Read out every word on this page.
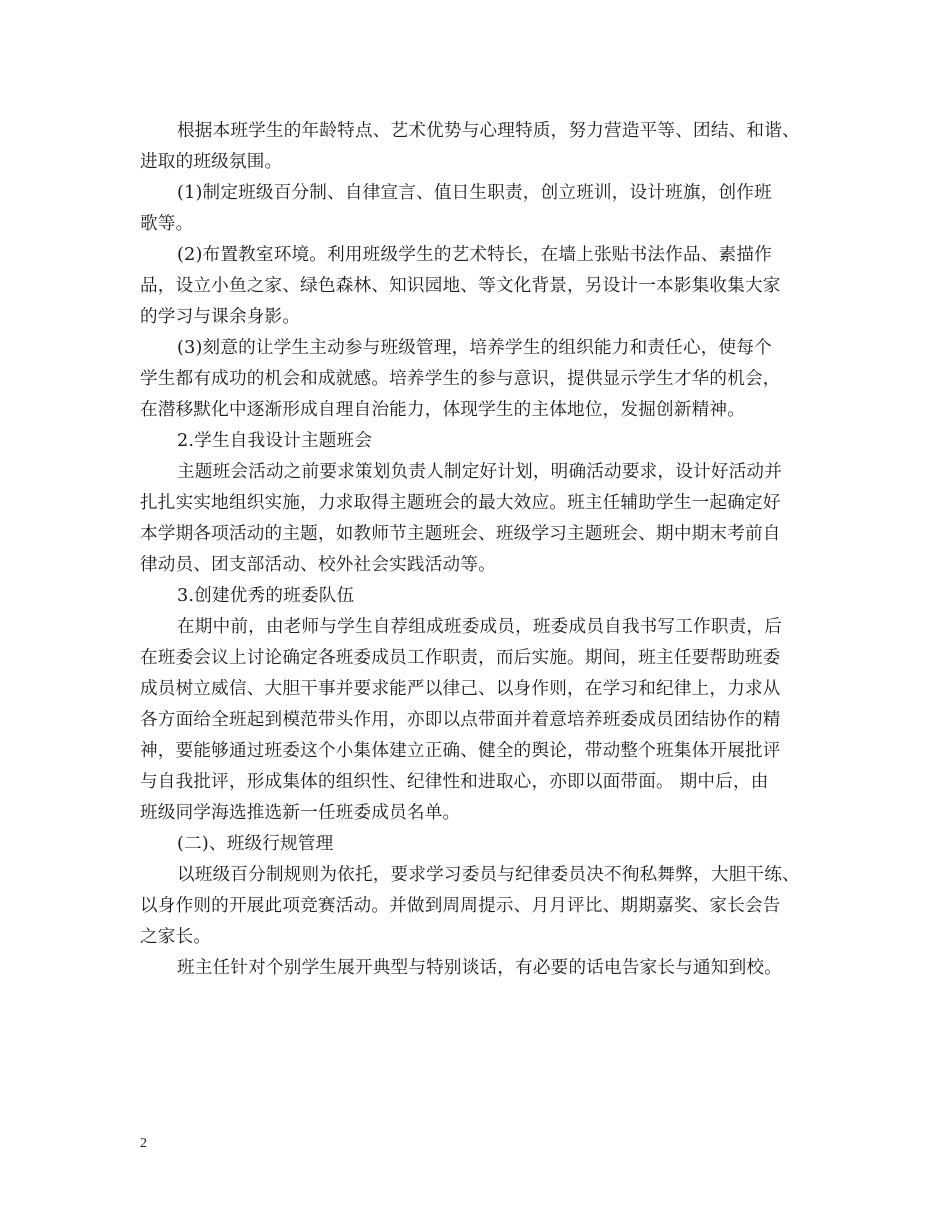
根据本班学生的年龄特点、艺术优势与心理特质，努力营造平等、团结、和谐、
进取的班级氛围。

(1)制定班级百分制、自律宣言、值日生职责，创立班训，设计班旗，创作班
歌等。

(2)布置教室环境。利用班级学生的艺术特长，在墙上张贴书法作品、素描作
品，设立小鱼之家、绿色森林、知识园地、等文化背景，另设计一本影集收集大家
的学习与课余身影。

(3)刻意的让学生主动参与班级管理，培养学生的组织能力和责任心，使每个
学生都有成功的机会和成就感。培养学生的参与意识，提供显示学生才华的机会，
在潜移默化中逐渐形成自理自治能力，体现学生的主体地位，发掘创新精神。

2.学生自我设计主题班会

主题班会活动之前要求策划负责人制定好计划，明确活动要求，设计好活动并
扎扎实实地组织实施，力求取得主题班会的最大效应。班主任辅助学生一起确定好
本学期各项活动的主题，如教师节主题班会、班级学习主题班会、期中期末考前自
律动员、团支部活动、校外社会实践活动等。

3.创建优秀的班委队伍

在期中前，由老师与学生自荐组成班委成员，班委成员自我书写工作职责，后
在班委会议上讨论确定各班委成员工作职责，而后实施。期间，班主任要帮助班委
成员树立威信、大胆干事并要求能严以律己、以身作则，在学习和纪律上，力求从
各方面给全班起到模范带头作用，亦即以点带面并着意培养班委成员团结协作的精
神，要能够通过班委这个小集体建立正确、健全的舆论，带动整个班集体开展批评
与自我批评，形成集体的组织性、纪律性和进取心，亦即以面带面。 期中后，由
班级同学海选推选新一任班委成员名单。

(二)、班级行规管理

以班级百分制规则为依托，要求学习委员与纪律委员决不徇私舞弊，大胆干练、
以身作则的开展此项竞赛活动。并做到周周提示、月月评比、期期嘉奖、家长会告
之家长。

班主任针对个别学生展开典型与特别谈话，有必要的话电告家长与通知到校。

2
